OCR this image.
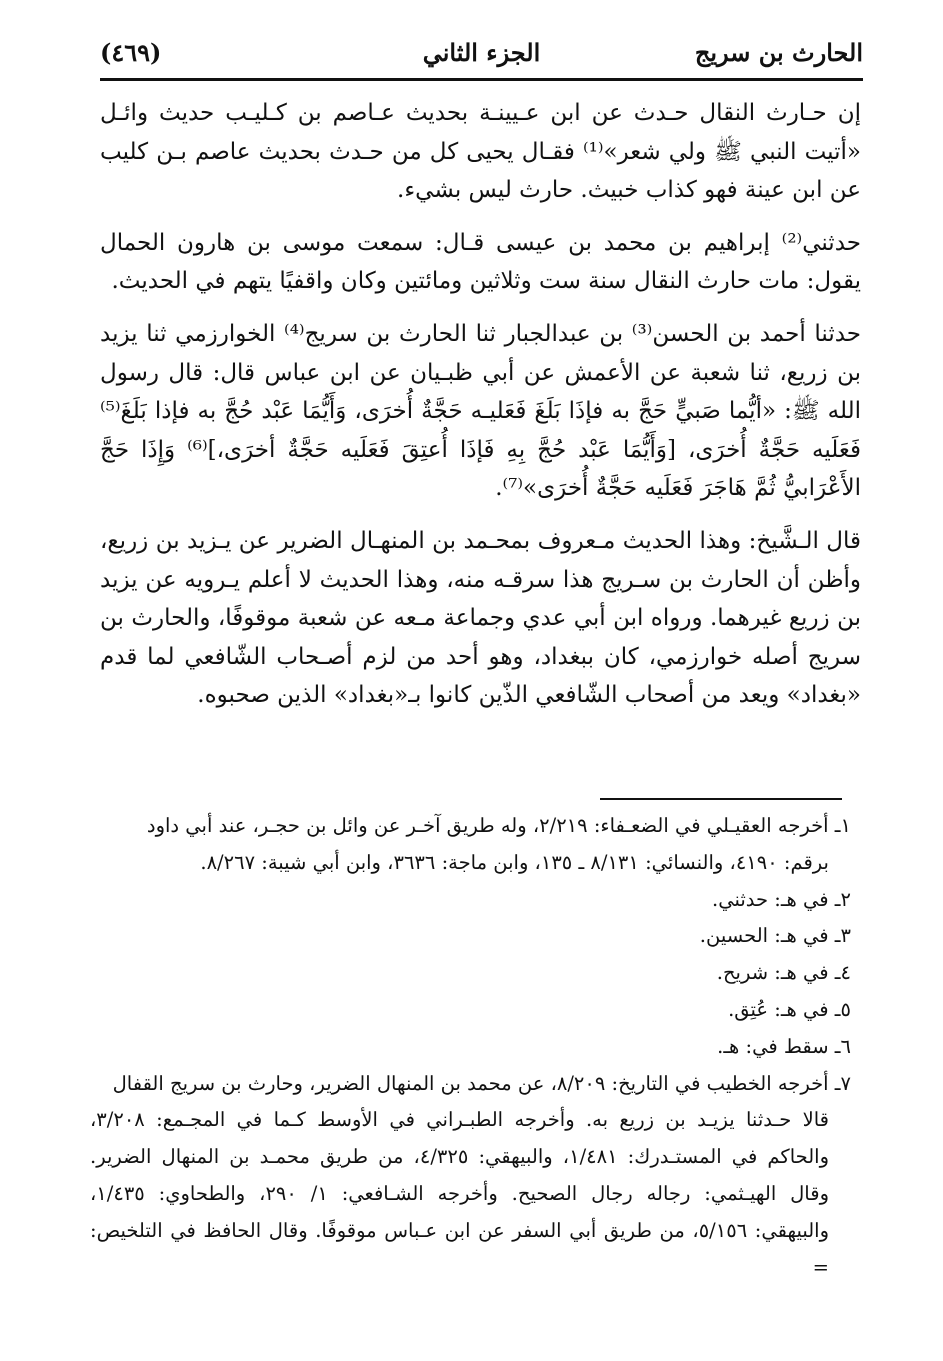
الحارث بن سريج
الجزء الثاني
(٤٦٩)

إن حـارث النقال حـدث عن ابن عـيينـة بحديث عـاصم بن كـليـب حديث وائـل «أتيت النبي ﷺ ولي شعر»⁽¹⁾ فقـال يحيى كل من حـدث بحديث عاصم بـن كليب عن ابن عينة فهو كذاب خبيث. حارث ليس بشيء.

حدثني⁽²⁾ إبراهيم بن محمد بن عيسى قـال: سمعت موسى بن هارون الحمال يقول: مات حارث النقال سنة ست وثلاثين ومائتين وكان واقفيًا يتهم في الحديث.

حدثنا أحمد بن الحسن⁽³⁾ بن عبدالجبار ثنا الحارث بن سريج⁽⁴⁾ الخوارزمي ثنا يزيد بن زريع، ثنا شعبة عن الأعمش عن أبي ظبـيان عن ابن عباس قال: قال رسول الله ﷺ: «أيُّما صَبيٍّ حَجَّ به فإذَا بَلَغَ فَعَليـه حَجَّةٌ أُخرَى، وَأَيُّمَا عَبْد حُجَّ به فإذا بَلَغَ⁽⁵⁾ فَعَلَيه حَجَّةٌ أُخرَى، [وَأَيُّمَا عَبْد حُجَّ بِهِ فَإذَا أُعتِقَ فَعَلَيه حَجَّةٌ أخرَى،]⁽⁶⁾ وَإِذَا حَجَّ الأَعْرَابيُّ ثُمَّ هَاجَرَ فَعَلَيه حَجَّةٌ أُخرَى»⁽⁷⁾.

قال الـشَّيخ: وهذا الحديث مـعروف بمحـمد بن المنهـال الضرير عن يـزيد بن زريع، وأظن أن الحارث بن سـريج هذا سرقـه منه، وهذا الحديث لا أعلم يـرويه عن يزيد بن زريع غيرهما. ورواه ابن أبي عدي وجماعة مـعه عن شعبة موقوفًا، والحارث بن سريج أصله خوارزمي، كان ببغداد، وهو أحد من لزم أصـحاب الشّافعي لما قدم «بغداد» ويعد من أصحاب الشّافعي الذّين كانوا بـ«بغداد» الذين صحبوه.

١ـ أخرجه العقيـلي في الضعـفاء: ٢/٢١٩، وله طريق آخـر عن وائل بن حجـر، عند أبي داود
برقم: ٤١٩٠، والنسائي: ٨/١٣١ ـ ١٣٥، وابن ماجة: ٣٦٣٦، وابن أبي شيبة: ٨/٢٦٧.

٢ـ في هـ: حدثني.

٣ـ في هـ: الحسين.

٤ـ في هـ: شريح.

٥ـ في هـ: عُتِق.

٦ـ سقط في: هـ.

٧ـ أخرجه الخطيب في التاريخ: ٨/٢٠٩، عن محمد بن المنهال الضرير، وحارث بن سريج القفال
قالا حـدثنا يزيـد بن زريع به. وأخرجه الطبـراني في الأوسط كـما في المجـمع: ٣/٢٠٨، والحاكم في المستـدرك: ١/٤٨١، والبيهقي: ٤/٣٢٥، من طريق محمـد بن المنهال الضرير. وقال الهيـثمي: رجاله رجال الصحيح. وأخرجه الشـافعي: ١/ ٢٩٠، والطحاوي: ١/٤٣٥، والبيهقي: ٥/١٥٦، من طريق أبي السفر عن ابن عـباس موقوفًا. وقال الحافظ في التلخيص: =
